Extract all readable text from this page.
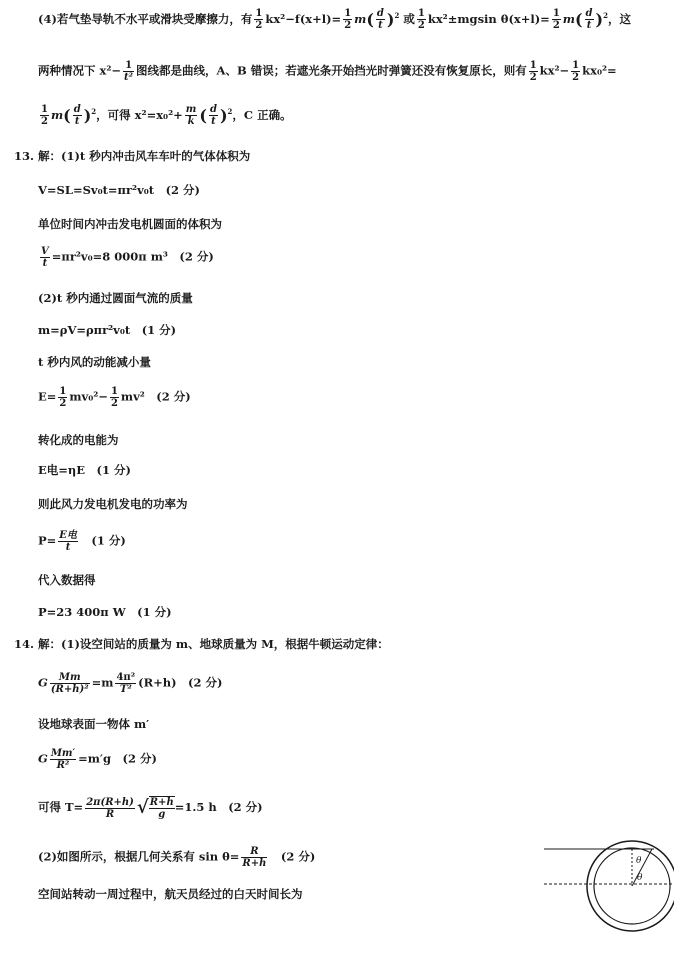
(4)若气垫导轨不水平或滑块受摩擦力，有 $\frac{1}{2} kx^2-f(x+l)= \frac{1}{2} m( \frac{d}{t} )^2$ 或 $\frac{1}{2} kx^2\pm mgsin$ $\theta(x+l)= \frac{1}{2} m( \frac{d}{t} )^2$，这
两种情况下 $x^2- \frac{1}{\text{t²}}$ 图线都是曲线，A、B 错误；若遮光条开始挡光时弹簧还没有恢复原长，则有 $\frac{1}{2} kx^2- \frac{1}{2} kx_0^2=$
$\frac{1}{2} m( \frac{d}{t} )^2$，可得 $x^2=x_0^2+ \frac{m}{k}$ ( $\frac{d}{t} )^2$，C 正确。
13. 解：(1)t 秒内冲击风车车叶的气体体积为
V=SL=Sv₀t=πr²v₀t　(2 分)
单位时间内冲击发电机圆面的体积为
$\frac{V}{t} =\pi r^2v_0=8$ 000π m³　(2 分)
(2)t 秒内通过圆面气流的质量
m=ρV=ρπr²v₀t　(1 分)
t 秒内风的动能减小量
$E= \frac{1}{2} mv_0^2- \frac{1}{2} mv^2$　(2 分)
转化成的电能为
E电=ηE　(1 分)
则此风力发电机发电的功率为
$P= \frac{\text{E电}}{t}$ 　(1 分)
代入数据得
P=23 400π W　(1 分)
14. 解：(1)设空间站的质量为 m、地球质量为 M，根据牛顿运动定律：
G $\frac{Mm}{\text{(R+h)²}} =m \frac{\text{4π²}}{\text{T²}} (R+h)$　(2 分)
设地球表面一物体 m′
G $\frac{Mm'}{\text{R²}} =m'g$　(2 分)
可得 $T= \frac{2\pi(R+h)}{R}$ √ $\frac{R+h}{g} =1.5$ h　(2 分)
(2)如图所示，根据几何关系有 $\sin \theta= \frac{R}{R+h}$ 　(2 分)
空间站转动一周过程中，航天员经过的白天时间长为
θ
θ
